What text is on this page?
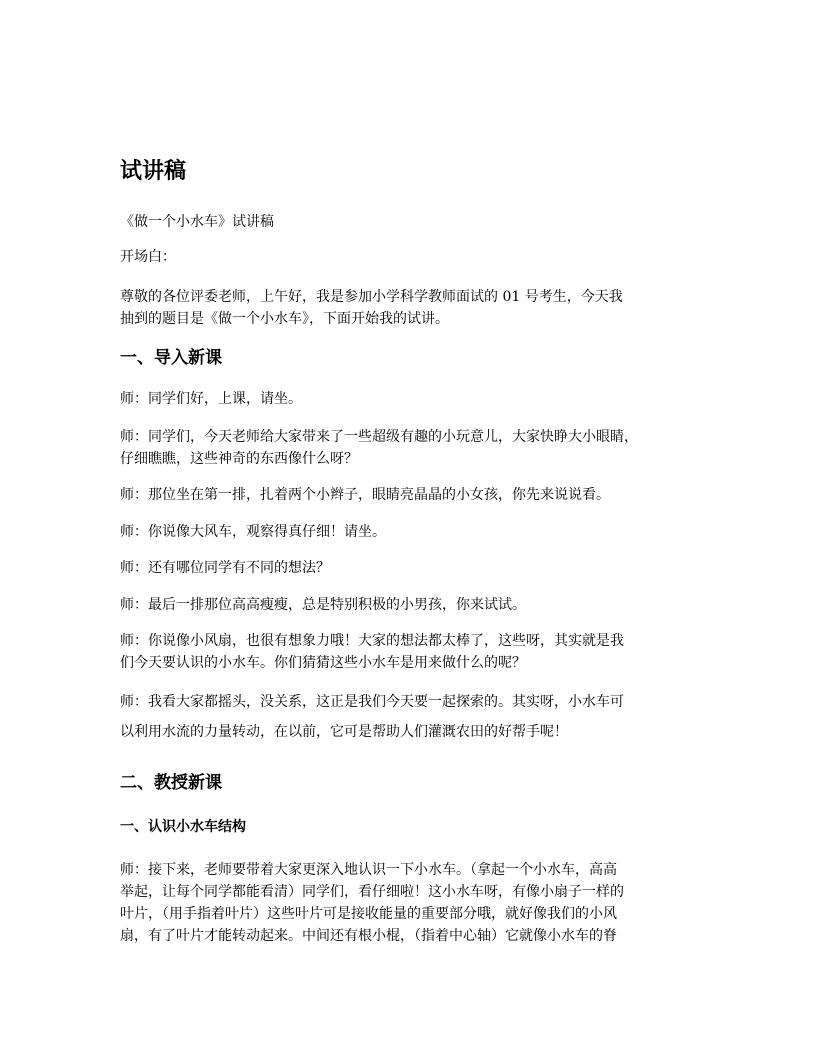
试讲稿

《做一个小水车》试讲稿

开场白：

尊敬的各位评委老师，上午好，我是参加小学科学教师面试的 01 号考生，今天我
抽到的题目是《做一个小水车》，下面开始我的试讲。

一、导入新课

师：同学们好，上课，请坐。

师：同学们，今天老师给大家带来了一些超级有趣的小玩意儿，大家快睁大小眼睛，
仔细瞧瞧，这些神奇的东西像什么呀？

师：那位坐在第一排，扎着两个小辫子，眼睛亮晶晶的小女孩，你先来说说看。

师：你说像大风车，观察得真仔细！请坐。

师：还有哪位同学有不同的想法？

师：最后一排那位高高瘦瘦，总是特别积极的小男孩，你来试试。

师：你说像小风扇，也很有想象力哦！大家的想法都太棒了，这些呀，其实就是我
们今天要认识的小水车。你们猜猜这些小水车是用来做什么的呢？

师：我看大家都摇头，没关系，这正是我们今天要一起探索的。其实呀，小水车可
以利用水流的力量转动，在以前，它可是帮助人们灌溉农田的好帮手呢！

二、教授新课
一、认识小水车结构

师：接下来，老师要带着大家更深入地认识一下小水车。（拿起一个小水车，高高
举起，让每个同学都能看清）同学们，看仔细啦！这小水车呀，有像小扇子一样的
叶片，（用手指着叶片）这些叶片可是接收能量的重要部分哦，就好像我们的小风
扇，有了叶片才能转动起来。中间还有根小棍，（指着中心轴）它就像小水车的脊
